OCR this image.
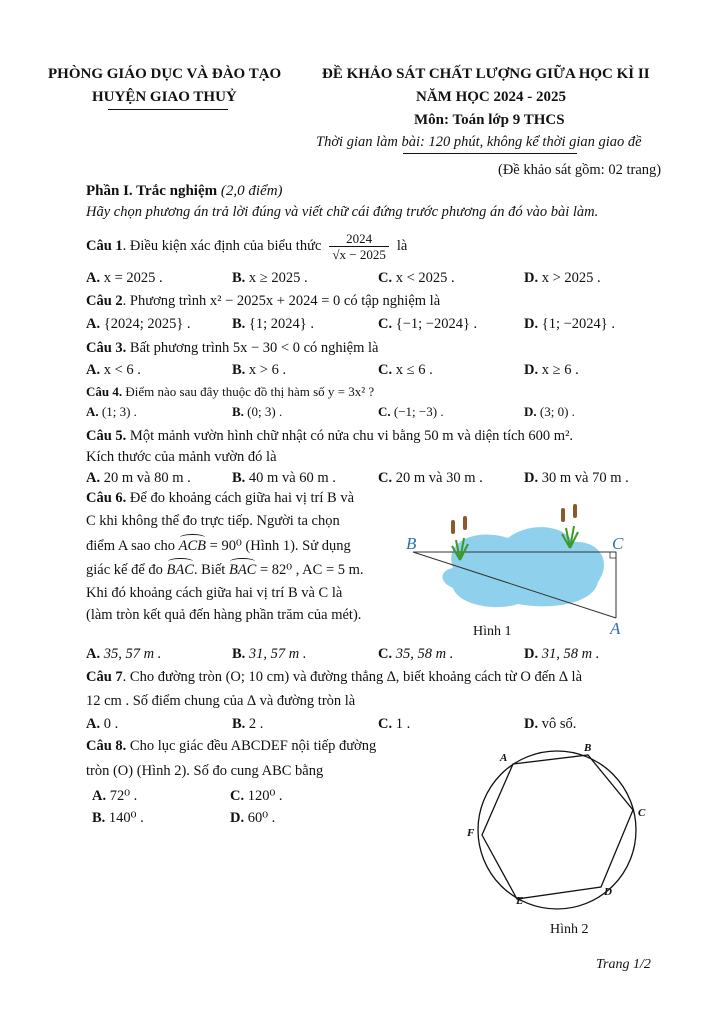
PHÒNG GIÁO DỤC VÀ ĐÀO TẠO
HUYỆN GIAO THUỶ
ĐỀ KHẢO SÁT CHẤT LƯỢNG GIỮA HỌC KÌ II
NĂM HỌC 2024 - 2025
Môn: Toán lớp 9 THCS
Thời gian làm bài: 120 phút, không kể thời gian giao đề
(Đề khảo sát gồm: 02 trang)
Phần I. Trắc nghiệm (2,0 điểm)
Hãy chọn phương án trả lời đúng và viết chữ cái đứng trước phương án đó vào bài làm.
Câu 1 . Điều kiện xác định của biểu thức $\frac{2024}{√x - 2025}$ là
A. x = 2025 .	B. x ≥ 2025 .	C. x < 2025 .	D. x > 2025 .
Câu 2. Phương trình x² − 2025x + 2024 = 0 có tập nghiệm là
A. {2024; 2025} .	B. {1; 2024} .	C. {−1; −2024} .	D. {1; −2024} .
Câu 3. Bất phương trình 5x − 30 < 0 có nghiệm là
A. x < 6 .	B. x > 6 .	C. x ≤ 6 .	D. x ≥ 6 .
Câu 4. Điểm nào sau đây thuộc đồ thị hàm số y = 3x² ?
A. (1; 3) .	B. (0; 3) .	C. (−1; −3) .	D. (3; 0) .
Câu 5. Một mảnh vườn hình chữ nhật có nửa chu vi bằng 50 m và diện tích 600 m².
Kích thước của mảnh vườn đó là
A. 20 m và 80 m .	B. 40 m và 60 m .	C. 20 m và 30 m .	D. 30 m và 70 m .
Câu 6. Để đo khoảng cách giữa hai vị trí B và
C khi không thể đo trực tiếp. Người ta chọn
điểm A sao cho ACB = 90⁰ (Hình 1). Sử dụng
giác kế để đo BAC. Biết BAC = 82⁰ , AC = 5 m.
Khi đó khoảng cách giữa hai vị trí B và C là
(làm tròn kết quả đến hàng phần trăm của mét).
B	C
A
Hình 1
A. 35, 57 m .	B. 31, 57 m .	C. 35, 58 m .	D. 31, 58 m .
Câu 7. Cho đường tròn (O; 10 cm) và đường thẳng ∆, biết khoảng cách từ O đến ∆ là
12 cm . Số điểm chung của ∆ và đường tròn là
A. 0 .	B. 2 .	C. 1 .	D. vô số.
Câu 8. Cho lục giác đều ABCDEF nội tiếp đường
tròn (O) (Hình 2). Số đo cung ABC bằng
A. 72⁰ .	C. 120⁰ .
B. 140⁰ .	D. 60⁰ .
A
B
C
D
E
F
Hình 2
Trang 1/2
